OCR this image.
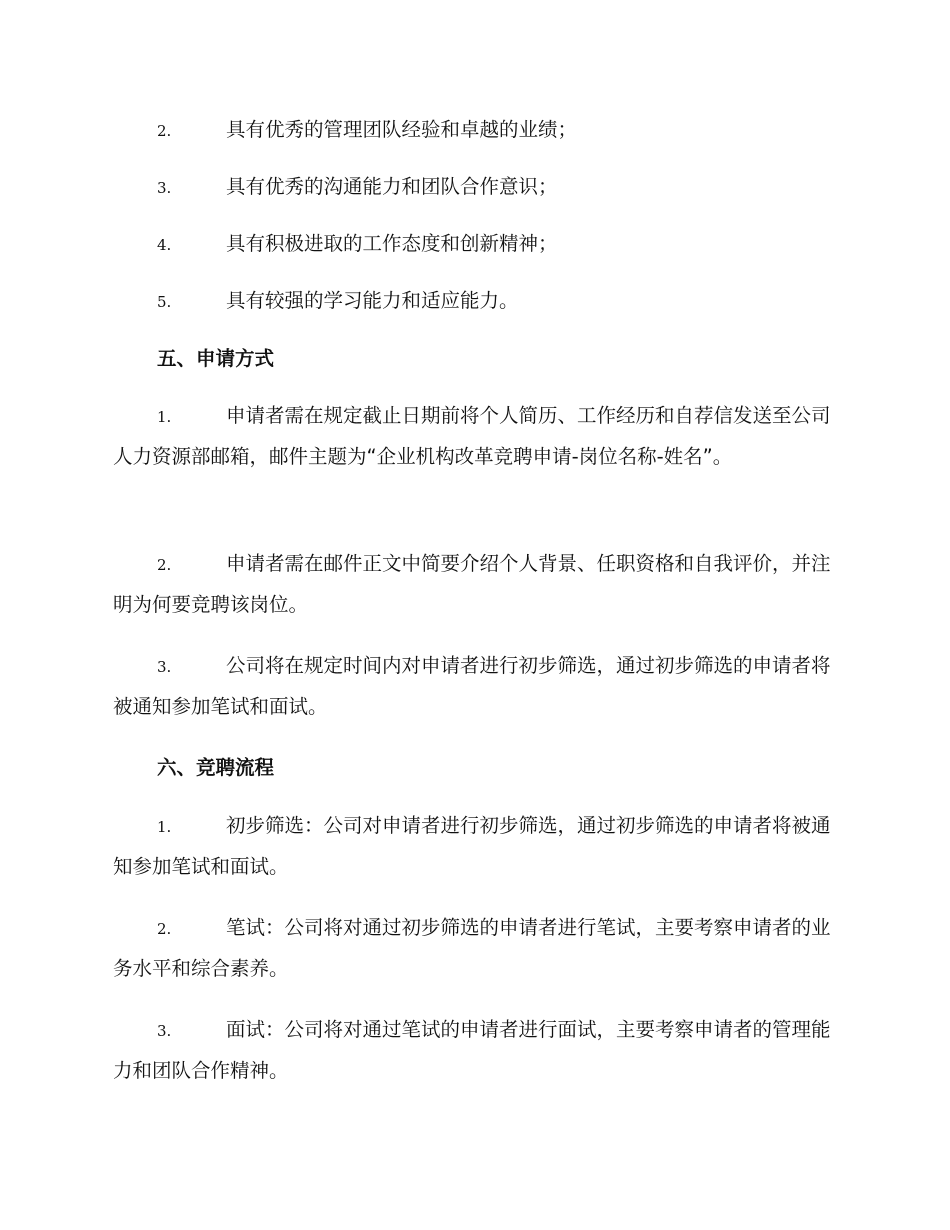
2.	具有优秀的管理团队经验和卓越的业绩；

3.	具有优秀的沟通能力和团队合作意识；

4.	具有积极进取的工作态度和创新精神；

5.	具有较强的学习能力和适应能力。

五、申请方式

1.	申请者需在规定截止日期前将个人简历、工作经历和自荐信发送至公司人力资源部邮箱，邮件主题为“企业机构改革竞聘申请-岗位名称-姓名”。

2.	申请者需在邮件正文中简要介绍个人背景、任职资格和自我评价，并注明为何要竞聘该岗位。

3.	公司将在规定时间内对申请者进行初步筛选，通过初步筛选的申请者将被通知参加笔试和面试。

六、竞聘流程

1.	初步筛选：公司对申请者进行初步筛选，通过初步筛选的申请者将被通知参加笔试和面试。

2.	笔试：公司将对通过初步筛选的申请者进行笔试，主要考察申请者的业务水平和综合素养。

3.	面试：公司将对通过笔试的申请者进行面试，主要考察申请者的管理能力和团队合作精神。
